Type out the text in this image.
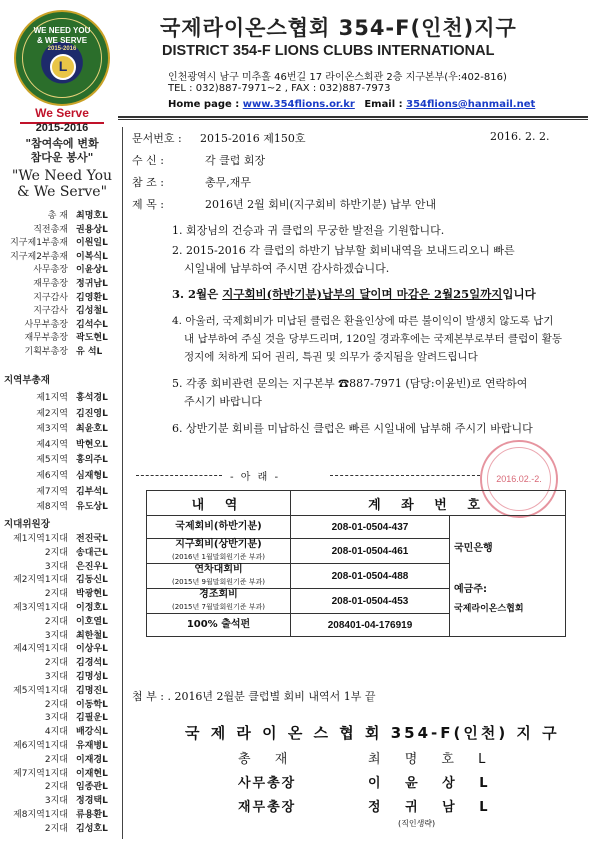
WE NEED YOU
& WE SERVE
2015-2016
L
We Serve
국제라이온스협회 354-F(인천)지구
DISTRICT 354-F LIONS CLUBS INTERNATIONAL
인천광역시 남구 미추홀 46번길 17 라이온스회관 2층 지구본부(우:402-816)
TEL : 032)887-7971~2 , FAX : 032)887-7973
Home page : www.354flions.or.kr Email : 354flions@hanmail.net
2015-2016
"참여속에 변화
참다운 봉사"
"We Need You
& We Serve"
총 재 최명호L
직전총재 권용상L
지구제1부총재 이원일L
지구제2부총재 이복식L
사무총장 이윤상L
재무총장 정귀남L
지구감사 김영환L
지구감사 김성철L
사무부총장 김석수L
재무부총장 곽도현L
기획부총장 유 석L
지역부총재
제1지역 홍석경L
제2지역 김진영L
제3지역 최윤호L
제4지역 박현오L
제5지역 홍의주L
제6지역 심재형L
제7지역 김부석L
제8지역 유도상L
지대위원장
제1지역1지대 전진국L
2지대 송대근L
3지대 은진우L
제2지역1지대 김동신L
2지대 박광현L
제3지역1지대 이정호L
2지대 이호열L
3지대 최한철L
제4지역1지대 이상우L
2지대 김경석L
3지대 김명성L
제5지역1지대 김명진L
2지대 이동학L
3지대 김필운L
4지대 배강식L
제6지역1지대 유재병L
2지대 이재경L
제7지역1지대 이재현L
2지대 임종관L
3지대 정경택L
제8지역1지대 류용환L
2지대 김성호L
문서번호 : 2015-2016 제150호	2016. 2. 2.
수 신 :	각 클럽 회장
참 조 :	총무,재무
제 목 :	2016년 2월 회비(지구회비 하반기분) 납부 안내
1. 회장님의 건승과 귀 클럽의 무궁한 발전을 기원합니다.
2. 2015-2016 각 클럽의 하반기 납부할 회비내역을 보내드리오니 빠른
시일내에 납부하여 주시면 감사하겠습니다.
3. 2월은 지구회비(하반기분)납부의 달이며 마감은 2월25일까지입니다
4. 아울러, 국제회비가 미납된 클럽은 환율인상에 따른 불이익이 발생치 않도록 납기
내 납부하여 주실 것을 당부드리며, 120일 경과후에는 국제본부로부터 클럽이 활동
정지에 처하게 되어 권리, 특권 및 의무가 중지됨을 알려드립니다
5. 각종 회비관련 문의는 지구본부 ☎887-7971 (담당:이윤빈)로 연락하여
주시기 바랍니다
6. 상반기분 회비를 미납하신 클럽은 빠른 시일내에 납부해 주시기 바랍니다
- 아 래 -	2016.02.-2.
내 역	계 좌 번 호	
국제회비(하반기분)	208-01-0504-437	국민은행
예금주:
국제라이온스협회

지구회비(상반기분)
(2016년 1월말회원기준 부과)	208-01-0504-461	
연차대회비
(2015년 9월말회원기준 부과)	208-01-0504-488	
경조회비
(2015년 7월말회원기준 부과)	208-01-0504-453	
100% 출석펀	208401-04-176919	
첨 부 : . 2016년 2월분 클럽별 회비 내역서 1부 끝
국 제 라 이 온 스 협 회 354-F(인천) 지 구
총 재	최 명 호 L
사무총장	이 윤 상 L
재무총장	정 귀 남 L
(직인생략)
